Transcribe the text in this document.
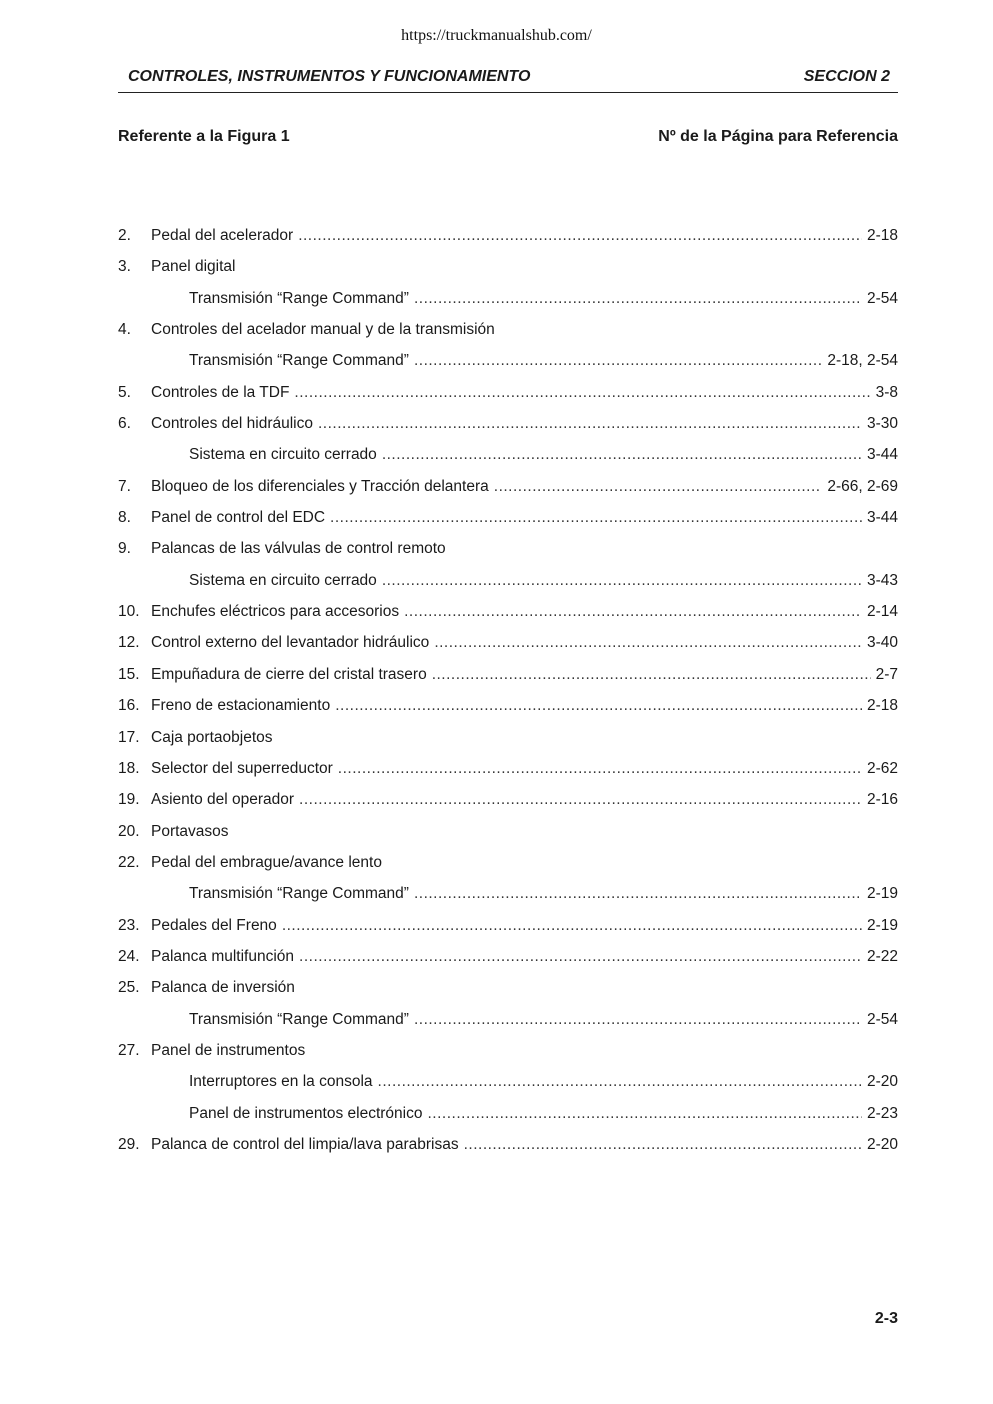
https://truckmanualshub.com/
CONTROLES, INSTRUMENTOS Y FUNCIONAMIENTO	SECCION 2
Referente a la Figura 1	Nº de la Página para Referencia
2. Pedal del acelerador .....	2-18
3. Panel digital
Transmisión “Range Command” .....	2-54
4. Controles del acelador manual y de la transmisión
Transmisión “Range Command” .....	2-18, 2-54
5. Controles de la TDF .....	3-8
6. Controles del hidráulico .....	3-30
Sistema en circuito cerrado .....	3-44
7. Bloqueo de los diferenciales y Tracción delantera .....	2-66, 2-69
8. Panel de control del EDC .....	3-44
9. Palancas de las válvulas de control remoto
Sistema en circuito cerrado .....	3-43
10. Enchufes eléctricos para accesorios .....	2-14
12. Control externo del levantador hidráulico .....	3-40
15. Empuñadura de cierre del cristal trasero .....	2-7
16. Freno de estacionamiento .....	2-18
17. Caja portaobjetos
18. Selector del superreductor .....	2-62
19. Asiento del operador .....	2-16
20. Portavasos
22. Pedal del embrague/avance lento
Transmisión “Range Command” .....	2-19
23. Pedales del Freno .....	2-19
24. Palanca multifunción .....	2-22
25. Palanca de inversión
Transmisión “Range Command” .....	2-54
27. Panel de instrumentos
Interruptores en la consola .....	2-20
Panel de instrumentos electrónico .....	2-23
29. Palanca de control del limpia/lava parabrisas .....	2-20
2-3
